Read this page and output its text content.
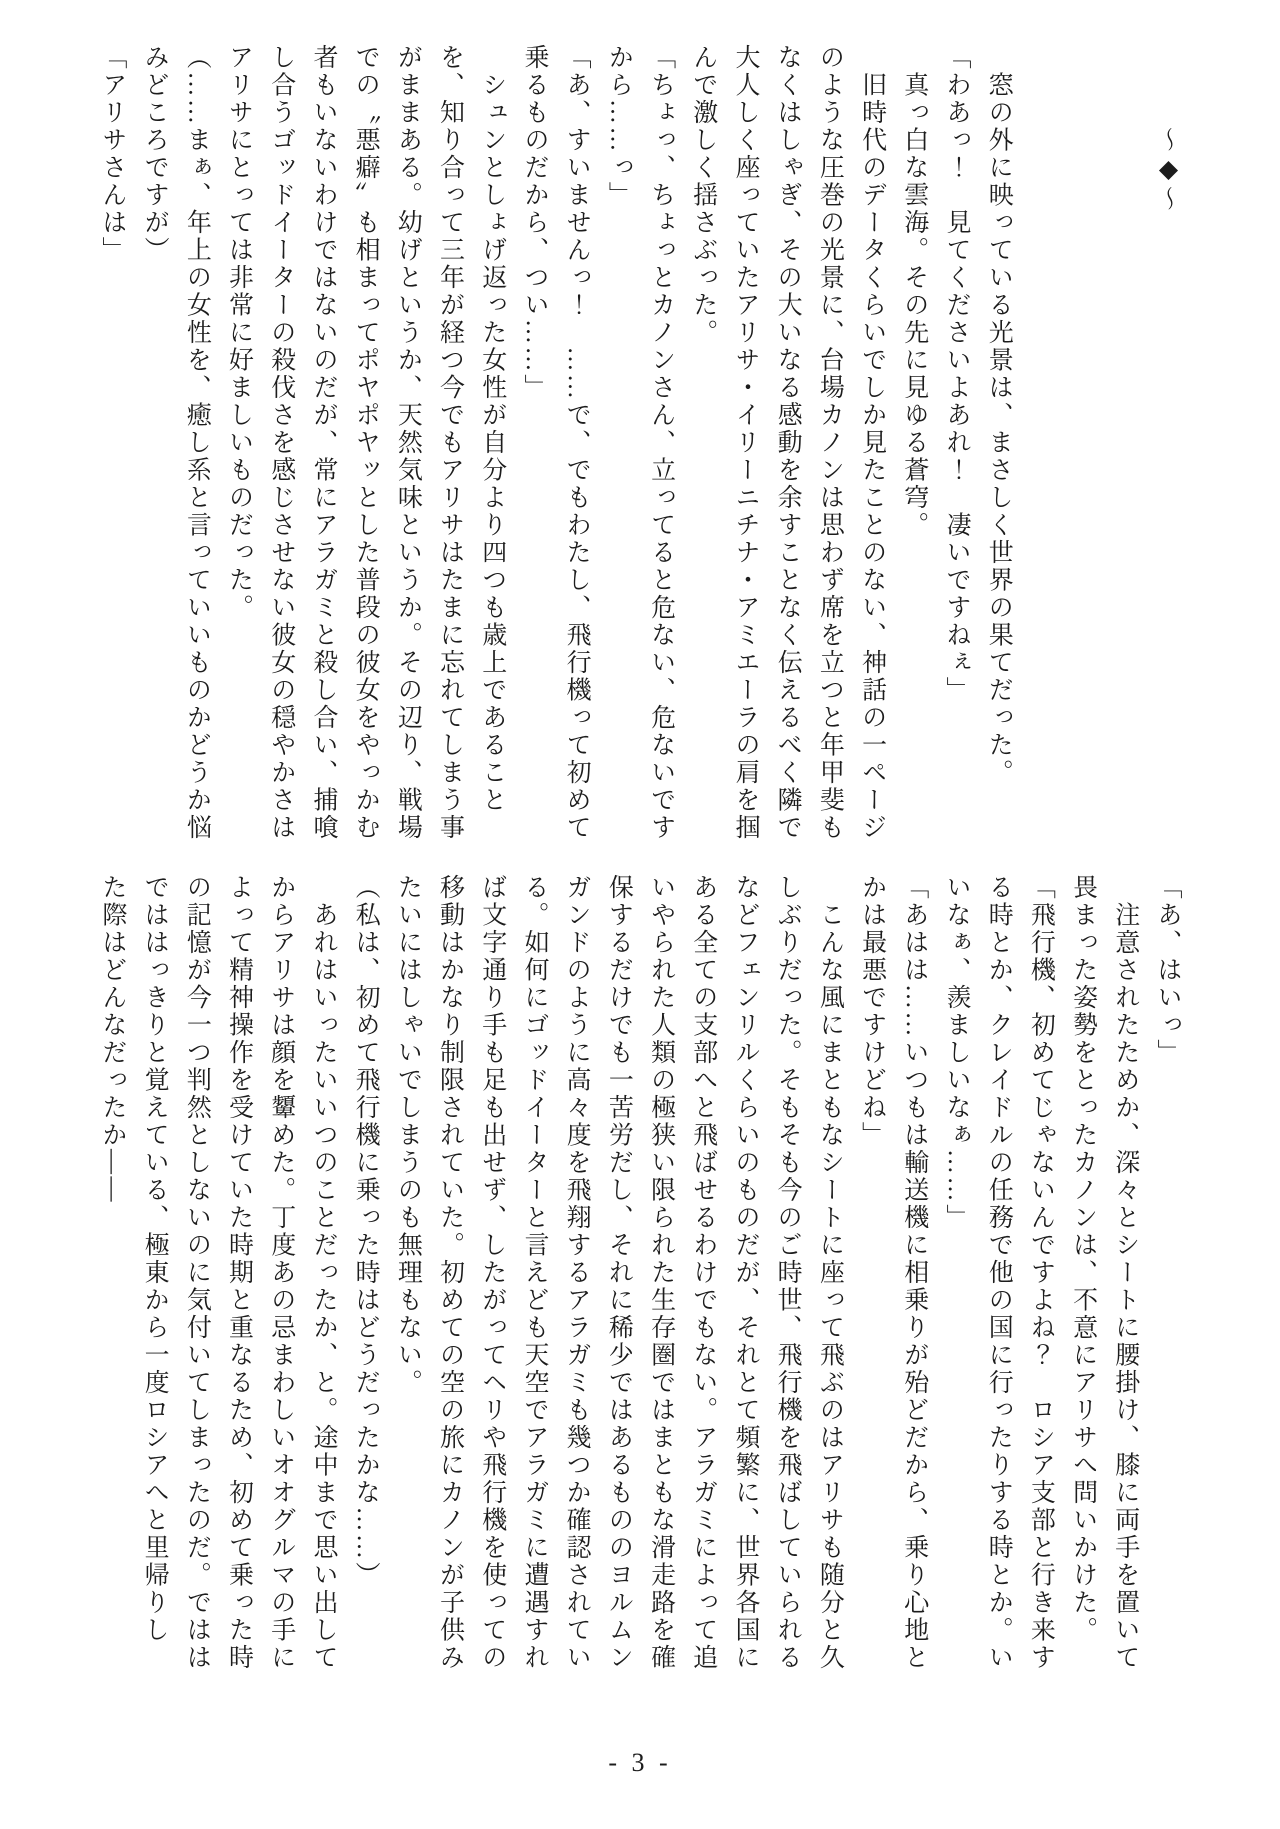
　　　～◆～

　窓の外に映っている光景は、まさしく世界の果てだった。
「わあっ！　見てくださいよあれ！　凄いですねぇ」
　真っ白な雲海。その先に見ゆる蒼穹。
　旧時代のデータくらいでしか見たことのない、神話の一ページ
のような圧巻の光景に、台場カノンは思わず席を立つと年甲斐も
なくはしゃぎ、その大いなる感動を余すことなく伝えるべく隣で
大人しく座っていたアリサ・イリーニチナ・アミエーラの肩を掴
んで激しく揺さぶった。
「ちょっ、ちょっとカノンさん、立ってると危ない、危ないです
から……っ」
「あ、すいませんっ！　……で、でもわたし、飛行機って初めて
乗るものだから、つい……」
　シュンとしょげ返った女性が自分より四つも歳上であること
を、知り合って三年が経つ今でもアリサはたまに忘れてしまう事
がままある。幼げというか、天然気味というか。その辺り、戦場
での〝悪癖〟も相まってポヤポヤッとした普段の彼女をやっかむ
者もいないわけではないのだが、常にアラガミと殺し合い、捕喰
し合うゴッドイーターの殺伐さを感じさせない彼女の穏やかさは
アリサにとっては非常に好ましいものだった。
（……まぁ、年上の女性を、癒し系と言っていいものかどうか悩
みどころですが）
「アリサさんは」
「あ、はいっ」
　注意されたためか、深々とシートに腰掛け、膝に両手を置いて
畏まった姿勢をとったカノンは、不意にアリサへ問いかけた。
「飛行機、初めてじゃないんですよね？　ロシア支部と行き来す
る時とか、クレイドルの任務で他の国に行ったりする時とか。い
いなぁ、羨ましいなぁ……」
「あはは……いつもは輸送機に相乗りが殆どだから、乗り心地と
かは最悪ですけどね」
　こんな風にまともなシートに座って飛ぶのはアリサも随分と久
しぶりだった。そもそも今のご時世、飛行機を飛ばしていられる
などフェンリルくらいのものだが、それとて頻繁に、世界各国に
ある全ての支部へと飛ばせるわけでもない。アラガミによって追
いやられた人類の極狭い限られた生存圏ではまともな滑走路を確
保するだけでも一苦労だし、それに稀少ではあるもののヨルムン
ガンドのように高々度を飛翔するアラガミも幾つか確認されてい
る。如何にゴッドイーターと言えども天空でアラガミに遭遇すれ
ば文字通り手も足も出せず、したがってヘリや飛行機を使っての
移動はかなり制限されていた。初めての空の旅にカノンが子供み
たいにはしゃいでしまうのも無理もない。
（私は、初めて飛行機に乗った時はどうだったかな……）
　あれはいったいいつのことだったか、と。途中まで思い出して
からアリサは顔を顰めた。丁度あの忌まわしいオオグルマの手に
よって精神操作を受けていた時期と重なるため、初めて乗った時
の記憶が今一つ判然としないのに気付いてしまったのだ。ではは
でははっきりと覚えている、極東から一度ロシアへと里帰りし
た際はどんなだったか――
- 3 -
